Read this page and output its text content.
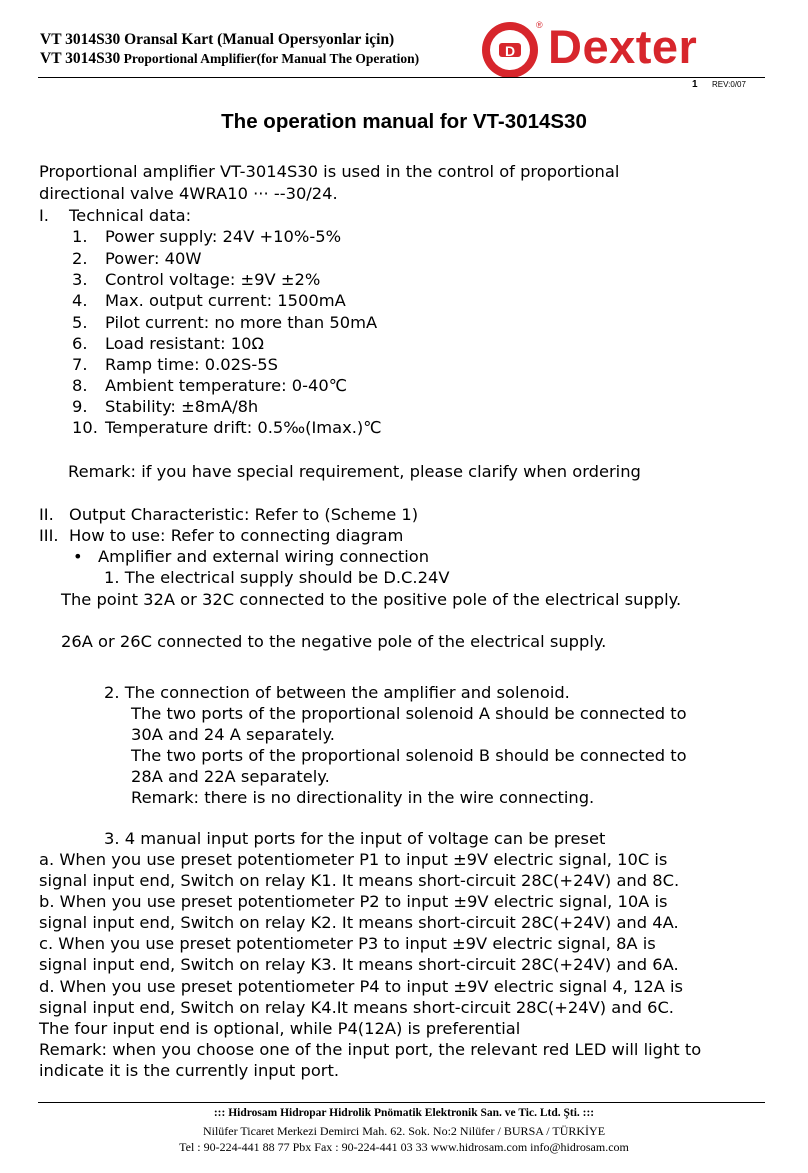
VT 3014S30 Oransal Kart (Manual Opersyonlar için)
VT 3014S30 Proportional Amplifier(for Manual The Operation)	D
® Dexter
1 REV:0/07
The operation manual for VT-3014S30
Proportional amplifier VT-3014S30 is used in the control of proportional
directional valve 4WRA10 ··· --30/24.
I. Technical data:
1. Power supply: 24V +10%-5%
2. Power: 40W
3. Control voltage: ±9V ±2%
4. Max. output current: 1500mA
5. Pilot current: no more than 50mA
6. Load resistant: 10Ω
7. Ramp time: 0.02S-5S
8. Ambient temperature: 0-40℃
9. Stability: ±8mA/8h
10. Temperature drift: 0.5‰(Imax.)℃
Remark: if you have special requirement, please clarify when ordering
II. Output Characteristic: Refer to (Scheme 1)
III. How to use: Refer to connecting diagram
• Amplifier and external wiring connection
1. The electrical supply should be D.C.24V
The point 32A or 32C connected to the positive pole of the electrical supply.
26A or 26C connected to the negative pole of the electrical supply.
2. The connection of between the amplifier and solenoid.
The two ports of the proportional solenoid A should be connected to
30A and 24 A separately.
The two ports of the proportional solenoid B should be connected to
28A and 22A separately.
Remark: there is no directionality in the wire connecting.
3. 4 manual input ports for the input of voltage can be preset
a. When you use preset potentiometer P1 to input ±9V electric signal, 10C is
signal input end, Switch on relay K1. It means short-circuit 28C(+24V) and 8C.
b. When you use preset potentiometer P2 to input ±9V electric signal, 10A is
signal input end, Switch on relay K2. It means short-circuit 28C(+24V) and 4A.
c. When you use preset potentiometer P3 to input ±9V electric signal, 8A is
signal input end, Switch on relay K3. It means short-circuit 28C(+24V) and 6A.
d. When you use preset potentiometer P4 to input ±9V electric signal 4, 12A is
signal input end, Switch on relay K4.It means short-circuit 28C(+24V) and 6C.
The four input end is optional, while P4(12A) is preferential
Remark: when you choose one of the input port, the relevant red LED will light to
indicate it is the currently input port.
::: Hidrosam Hidropar Hidrolik Pnömatik Elektronik San. ve Tic. Ltd. Şti. :::
Nilüfer Ticaret Merkezi Demirci Mah. 62. Sok. No:2 Nilüfer / BURSA / TÜRKİYE
Tel : 90-224-441 88 77 Pbx Fax : 90-224-441 03 33 www.hidrosam.com info@hidrosam.com
